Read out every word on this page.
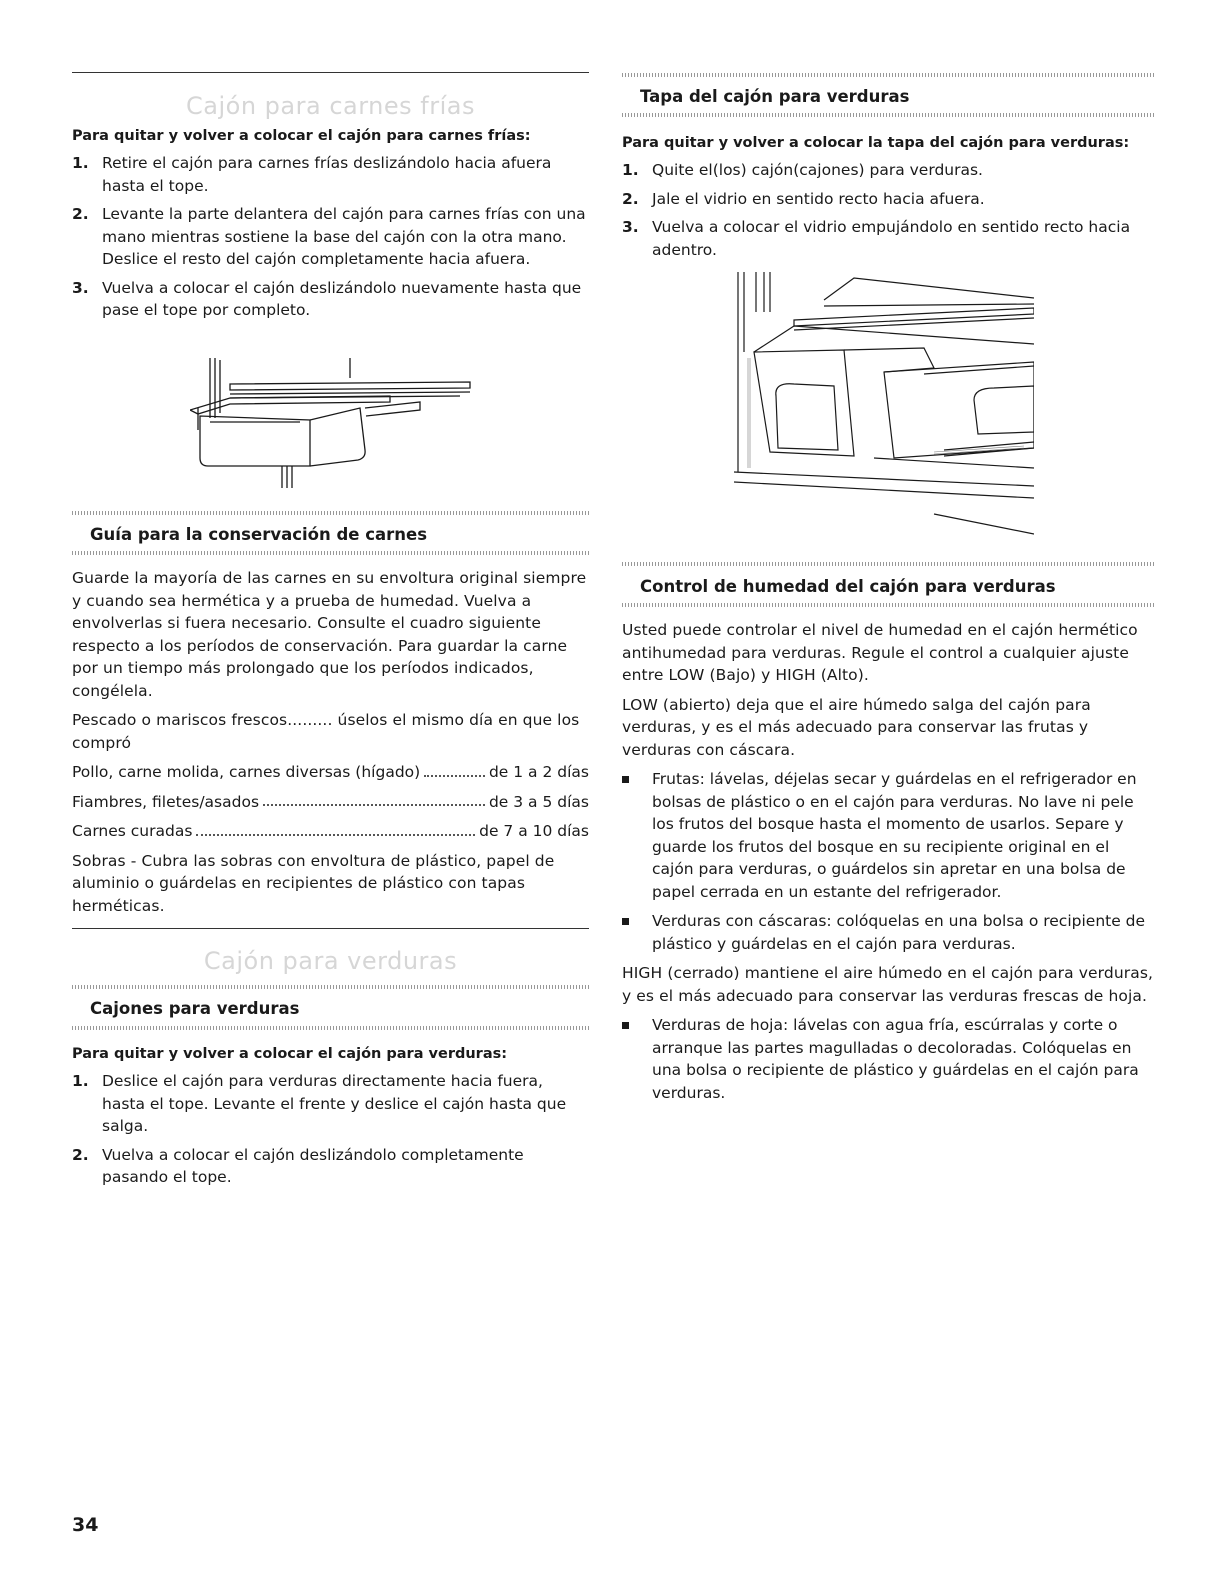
Cajón para carnes frías
Para quitar y volver a colocar el cajón para carnes frías:
1. Retire el cajón para carnes frías deslizándolo hacia afuera hasta el tope.
2. Levante la parte delantera del cajón para carnes frías con una mano mientras sostiene la base del cajón con la otra mano. Deslice el resto del cajón completamente hacia afuera.
3. Vuelva a colocar el cajón deslizándolo nuevamente hasta que pase el tope por completo.
Guía para la conservación de carnes

Guarde la mayoría de las carnes en su envoltura original siempre y cuando sea hermética y a prueba de humedad. Vuelva a envolverlas si fuera necesario. Consulte el cuadro siguiente respecto a los períodos de conservación. Para guardar la carne por un tiempo más prolongado que los períodos indicados, congélela.

Pescado o mariscos frescos......... úselos el mismo día en que los compró

Pollo, carne molida, carnes diversas (hígado)	de 1 a 2 días
Fiambres, filetes/asados	de 3 a 5 días
Carnes curadas	de 7 a 10 días

Sobras - Cubra las sobras con envoltura de plástico, papel de aluminio o guárdelas en recipientes de plástico con tapas herméticas.

Cajón para verduras
Cajones para verduras
Para quitar y volver a colocar el cajón para verduras:
1. Deslice el cajón para verduras directamente hacia fuera, hasta el tope. Levante el frente y deslice el cajón hasta que salga.
2. Vuelva a colocar el cajón deslizándolo completamente pasando el tope.
Tapa del cajón para verduras
Para quitar y volver a colocar la tapa del cajón para verduras:
1. Quite el(los) cajón(cajones) para verduras.
2. Jale el vidrio en sentido recto hacia afuera.
3. Vuelva a colocar el vidrio empujándolo en sentido recto hacia adentro.
Control de humedad del cajón para verduras

Usted puede controlar el nivel de humedad en el cajón hermético antihumedad para verduras. Regule el control a cualquier ajuste entre LOW (Bajo) y HIGH (Alto).

LOW (abierto) deja que el aire húmedo salga del cajón para verduras, y es el más adecuado para conservar las frutas y verduras con cáscara.

Frutas: lávelas, déjelas secar y guárdelas en el refrigerador en bolsas de plástico o en el cajón para verduras. No lave ni pele los frutos del bosque hasta el momento de usarlos. Separe y guarde los frutos del bosque en su recipiente original en el cajón para verduras, o guárdelos sin apretar en una bolsa de papel cerrada en un estante del refrigerador.
Verduras con cáscaras: colóquelas en una bolsa o recipiente de plástico y guárdelas en el cajón para verduras.

HIGH (cerrado) mantiene el aire húmedo en el cajón para verduras, y es el más adecuado para conservar las verduras frescas de hoja.

Verduras de hoja: lávelas con agua fría, escúrralas y corte o arranque las partes magulladas o decoloradas. Colóquelas en una bolsa o recipiente de plástico y guárdelas en el cajón para verduras.
34
